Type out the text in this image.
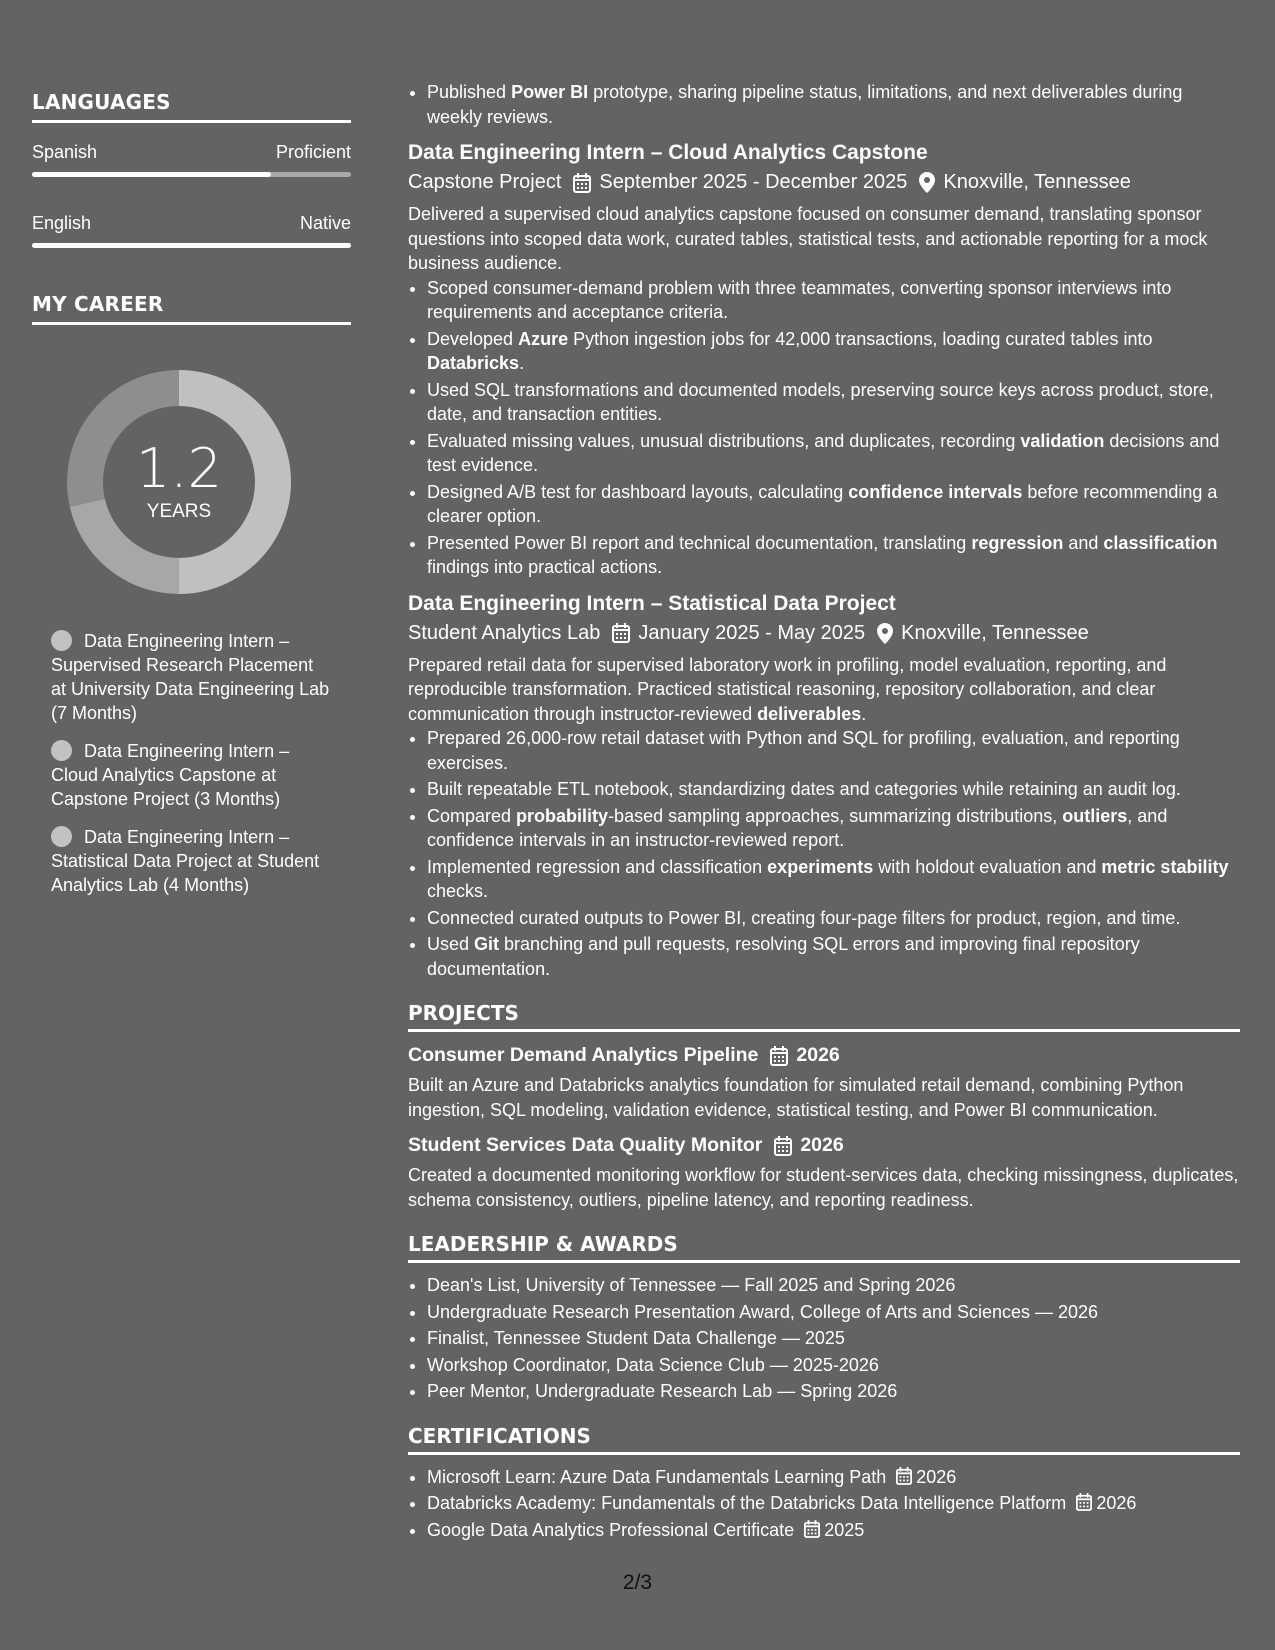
LANGUAGES
Spanish	Proficient
English	Native
MY CAREER
1.2
YEARS
Data Engineering Intern – Supervised Research Placement at University Data Engineering Lab (7 Months)
Data Engineering Intern – Cloud Analytics Capstone at Capstone Project (3 Months)
Data Engineering Intern – Statistical Data Project at Student Analytics Lab (4 Months)
• Published Power BI prototype, sharing pipeline status, limitations, and next deliverables during weekly reviews.
Data Engineering Intern – Cloud Analytics Capstone
Capstone Project September 2025 - December 2025 Knoxville, Tennessee

Delivered a supervised cloud analytics capstone focused on consumer demand, translating sponsor questions into scoped data work, curated tables, statistical tests, and actionable reporting for a mock business audience.

• Scoped consumer-demand problem with three teammates, converting sponsor interviews into requirements and acceptance criteria.
• Developed Azure Python ingestion jobs for 42,000 transactions, loading curated tables into Databricks.
• Used SQL transformations and documented models, preserving source keys across product, store, date, and transaction entities.
• Evaluated missing values, unusual distributions, and duplicates, recording validation decisions and test evidence.
• Designed A/B test for dashboard layouts, calculating confidence intervals before recommending a clearer option.
• Presented Power BI report and technical documentation, translating regression and classification findings into practical actions.
Data Engineering Intern – Statistical Data Project
Student Analytics Lab January 2025 - May 2025 Knoxville, Tennessee

Prepared retail data for supervised laboratory work in profiling, model evaluation, reporting, and reproducible transformation. Practiced statistical reasoning, repository collaboration, and clear communication through instructor-reviewed deliverables.

• Prepared 26,000-row retail dataset with Python and SQL for profiling, evaluation, and reporting exercises.
• Built repeatable ETL notebook, standardizing dates and categories while retaining an audit log.
• Compared probability-based sampling approaches, summarizing distributions, outliers, and confidence intervals in an instructor-reviewed report.
• Implemented regression and classification experiments with holdout evaluation and metric stability checks.
• Connected curated outputs to Power BI, creating four-page filters for product, region, and time.
• Used Git branching and pull requests, resolving SQL errors and improving final repository documentation.
PROJECTS
Consumer Demand Analytics Pipeline 2026

Built an Azure and Databricks analytics foundation for simulated retail demand, combining Python ingestion, SQL modeling, validation evidence, statistical testing, and Power BI communication.

Student Services Data Quality Monitor 2026

Created a documented monitoring workflow for student-services data, checking missingness, duplicates, schema consistency, outliers, pipeline latency, and reporting readiness.

LEADERSHIP & AWARDS
• Dean's List, University of Tennessee — Fall 2025 and Spring 2026
• Undergraduate Research Presentation Award, College of Arts and Sciences — 2026
• Finalist, Tennessee Student Data Challenge — 2025
• Workshop Coordinator, Data Science Club — 2025-2026
• Peer Mentor, Undergraduate Research Lab — Spring 2026
CERTIFICATIONS
• Microsoft Learn: Azure Data Fundamentals Learning Path 2026
• Databricks Academy: Fundamentals of the Databricks Data Intelligence Platform 2026
• Google Data Analytics Professional Certificate 2025
2/3
